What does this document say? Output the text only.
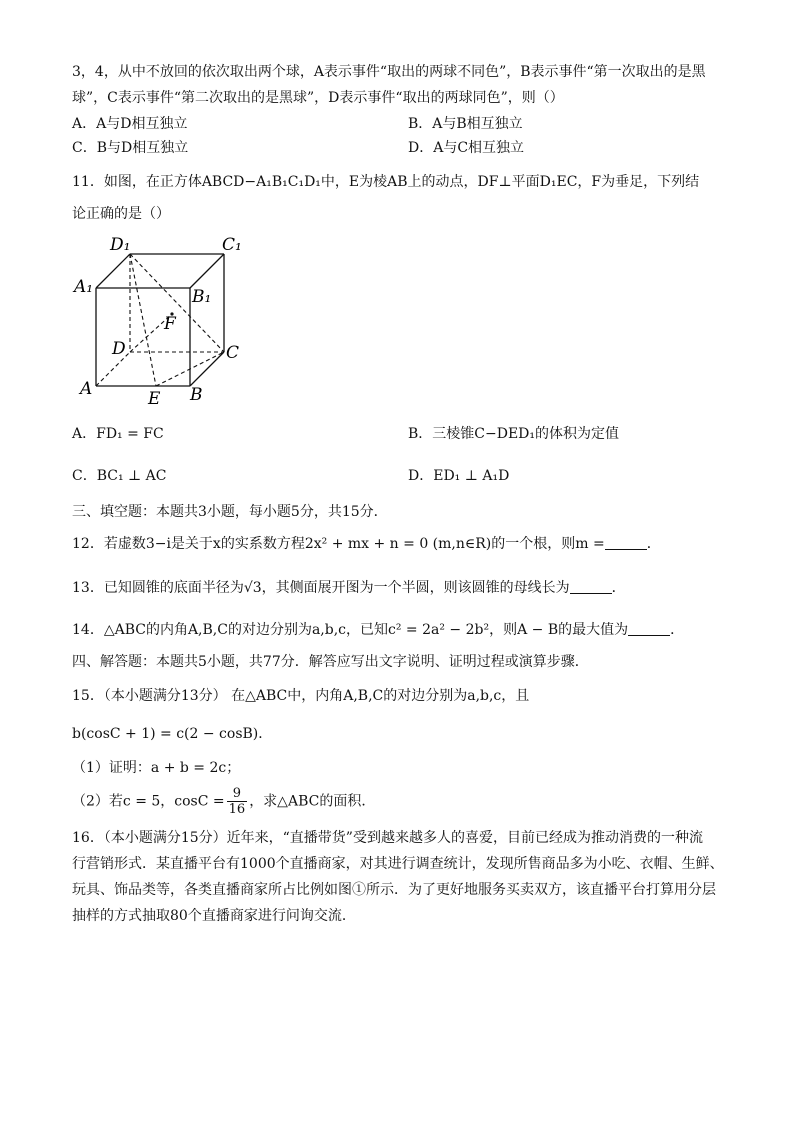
3，4，从中不放回的依次取出两个球，A表示事件“取出的两球不同色”，B表示事件“第一次取出的是黑
球”，C表示事件“第二次取出的是黑球”，D表示事件“取出的两球同色”，则（）
A．A与D相互独立	B．A与B相互独立
C．B与D相互独立	D．A与C相互独立
11．如图，在正方体ABCD−A₁B₁C₁D₁中，E为棱AB上的动点，DF⊥平面D₁EC，F为垂足，下列结
论正确的是（）
D₁	C₁
A₁	B₁
F
D	C
A	E B
A．FD₁ = FC	B．三棱锥C−DED₁的体积为定值
C．BC₁ ⊥ AC	D．ED₁ ⊥ A₁D
三、填空题：本题共3小题，每小题5分，共15分．
12．若虚数3−i是关于x的实系数方程2x² + mx + n = 0 (m,n∈R)的一个根，则m =	．
13．已知圆锥的底面半径为√3，其侧面展开图为一个半圆，则该圆锥的母线长为	．
14．△ABC的内角A,B,C的对边分别为a,b,c，已知c² = 2a² − 2b²，则A − B的最大值为	．
四、解答题：本题共5小题，共77分．解答应写出文字说明、证明过程或演算步骤．
15．（本小题满分13分） 在△ABC中，内角A,B,C的对边分别为a,b,c，且
b(cosC + 1) = c(2 − cosB)．
（1）证明：a + b = 2c；
（2）若c = 5，$\cos C = \frac{9}{16}$ ，求△ABC的面积．
16．（本小题满分15分）近年来，“直播带货”受到越来越多人的喜爱，目前已经成为推动消费的一种流
行营销形式．某直播平台有1000个直播商家，对其进行调查统计，发现所售商品多为小吃、衣帽、生鲜、
玩具、饰品类等，各类直播商家所占比例如图①所示．为了更好地服务买卖双方，该直播平台打算用分层
抽样的方式抽取80个直播商家进行问询交流．
